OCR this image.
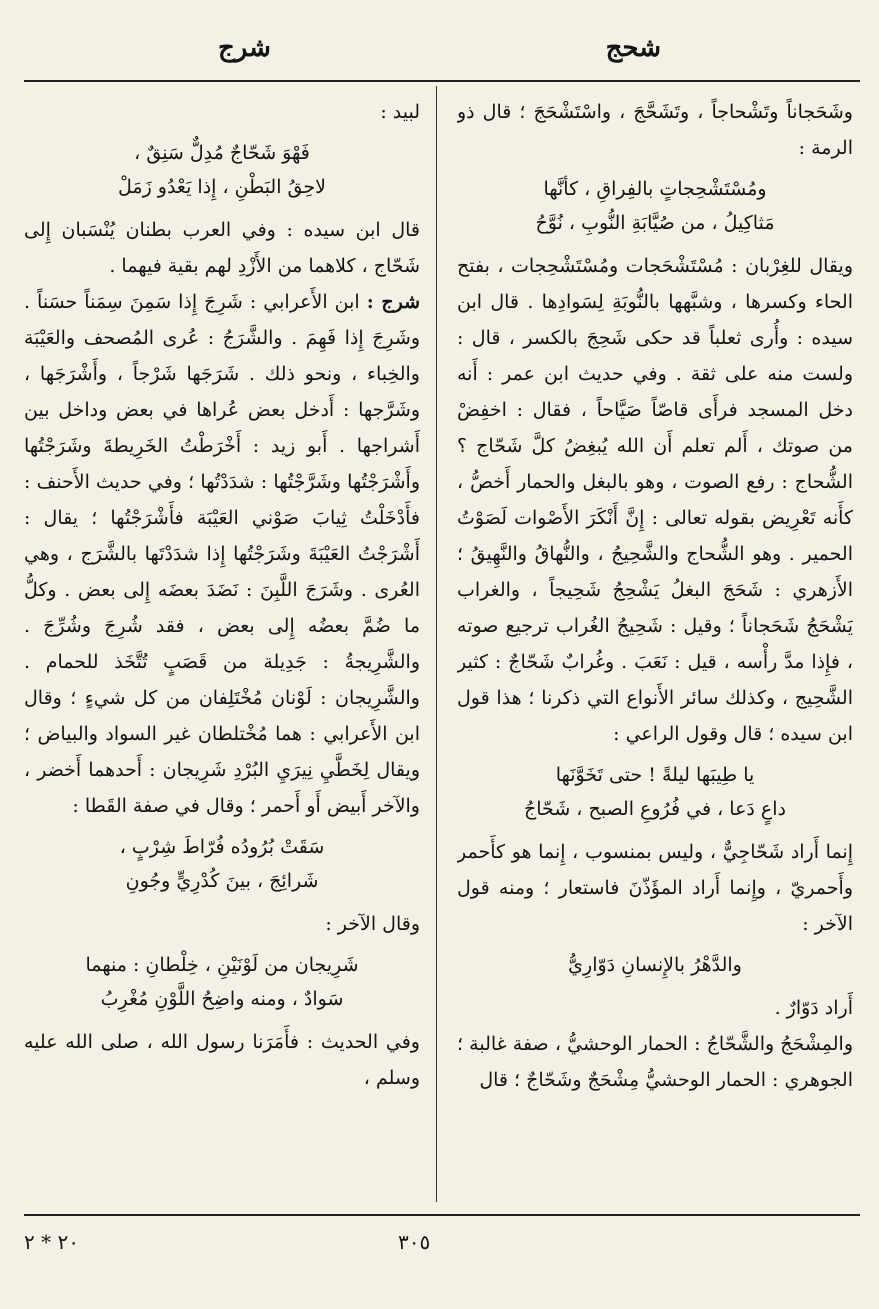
شحج
شرج

وشَحَجاناً وتَشْحاجاً ، وتَشَحَّجَ ، واسْتَشْحَجَ ؛ قال ذو الرمة :

ومُسْتَشْحِجاتٍ بالفِراقِ ، كأنَّها
مَثاكِيلُ ، من صُيَّابَةِ النُّوبِ ، نُوَّحُ

ويقال للغِرْبان : مُسْتَشْحَجات ومُسْتَشْحِجات ، بفتح الحاء وكسرها ، وشبَّهها بالنُّوبَةِ لِسَوادِها . قال ابن سيده : وأُرى ثعلباً قد حكى شَحِجَ بالكسر ، قال : ولست منه على ثقة . وفي حديث ابن عمر : أَنه دخل المسجد فرأَى قاصّاً صَيَّاحاً ، فقال : اخفِضْ من صوتك ، أَلم تعلم أَن الله يُبغِضُ كلَّ شَحّاج ؟ الشُّحاج : رفع الصوت ، وهو بالبغل والحمار أَخصُّ ، كأَنه تَعْرِيض بقوله تعالى : إِنَّ أَنْكَرَ الأَصْوات لَصَوْتُ الحمير . وهو الشُّحاج والشَّحِيجُ ، والنُّهاقُ والنَّهِيقُ ؛ الأَزهري : شَحَجَ البغلُ يَشْحِجُ شَحِيجاً ، والغراب يَشْحَجُ شَحَجاناً ؛ وقيل : شَحِيجُ الغُراب ترجيع صوته ، فإِذا مدَّ رأْسه ، قيل : نَعَبَ . وغُرابٌ شَحّاجٌ : كثير الشَّحِيج ، وكذلك سائر الأَنواع التي ذكرنا ؛ هذا قول ابن سيده ؛ قال وقول الراعي :

يا طِيبَها ليلةً ! حتى تَخَوَّنَها
داعٍ دَعا ، في فُرُوعِ الصبح ، شَحّاجُ

إِنما أَراد شَحّاجِيٌّ ، وليس بمنسوب ، إِنما هو كأَحمر وأَحمريّ ، وإِنما أَراد المؤَذّنَ فاستعار ؛ ومنه قول الآخر :

والدَّهْرُ بالإِنسانِ دَوّارِيُّ

أَراد دَوّارٌ .

والمِشْحَجُ والشَّحّاجُ : الحمار الوحشيُّ ، صفة غالبة ؛ الجوهري : الحمار الوحشيُّ مِشْحَجٌ وشَحّاجٌ ؛ قال

لبيد :

فَهْوَ شَحّاجٌ مُدِلٌّ سَنِقٌ ،
لاحِقُ البَطْنِ ، إِذا يَعْدُو زَمَلْ

قال ابن سيده : وفي العرب بطنان يُنْسَبان إِلى شَحّاج ، كلاهما من الأَزْدِ لهم بقية فيهما .

شرج : ابن الأَعرابي : شَرِجَ إِذا سَمِنَ سِمَناً حسَناً . وشَرِجَ إِذا فَهِمَ . والشَّرَجُ : عُرى المُصحف والعَيْبَة والخِباء ، ونحو ذلك . شَرَجَها شَرْجاً ، وأَشْرَجَها ، وشَرَّجها : أَدخل بعض عُراها في بعض وداخل بين أَشراجها . أَبو زيد : أَخْرَطْتُ الخَرِيطةَ وشَرَجْتُها وأَشْرَجْتُها وشَرَّجْتُها : شدَدْتُها ؛ وفي حديث الأَحنف : فأَدْخَلْتُ ثِيابَ صَوْني العَيْبَة فأَشْرَجْتُها ؛ يقال : أَشْرَجْتُ العَيْبَةَ وشَرَجْتُها إِذا شدَدْتَها بالشَّرَج ، وهي العُرى . وشَرَجَ اللَّبِنَ : نَضَدَ بعضَه إِلى بعض . وكلُّ ما ضُمَّ بعضُه إِلى بعض ، فقد شُرِجَ وشُرِّجَ . والشَّرِيجةُ : جَدِيلة من قَصَبٍ تُتَّخَذ للحمام . والشَّرِيجان : لَوْنان مُخْتَلِفان من كل شيءٍ ؛ وقال ابن الأَعرابي : هما مُخْتلطان غير السواد والبياض ؛ ويقال لِخَطَّيِ نِيرَيِ البُرْدِ شَرِيجان : أَحدهما أَخضر ، والآخر أَبيض أَو أَحمر ؛ وقال في صفة القَطا :

سَقَتْ بُرُودُه فُرّاطَ شِرْبٍ ،
شَرائِجَ ، بينَ كُدْرِيٍّ وجُونِ

وقال الآخر :

شَرِيجان من لَوْنَيْنِ ، خِلْطانِ : منهما
سَوادٌ ، ومنه واضِحُ اللَّوْنِ مُغْرِبُ

وفي الحديث : فأَمَرَنا رسول الله ، صلى الله عليه وسلم ،

٣٠٥
٢٠ * ٢
